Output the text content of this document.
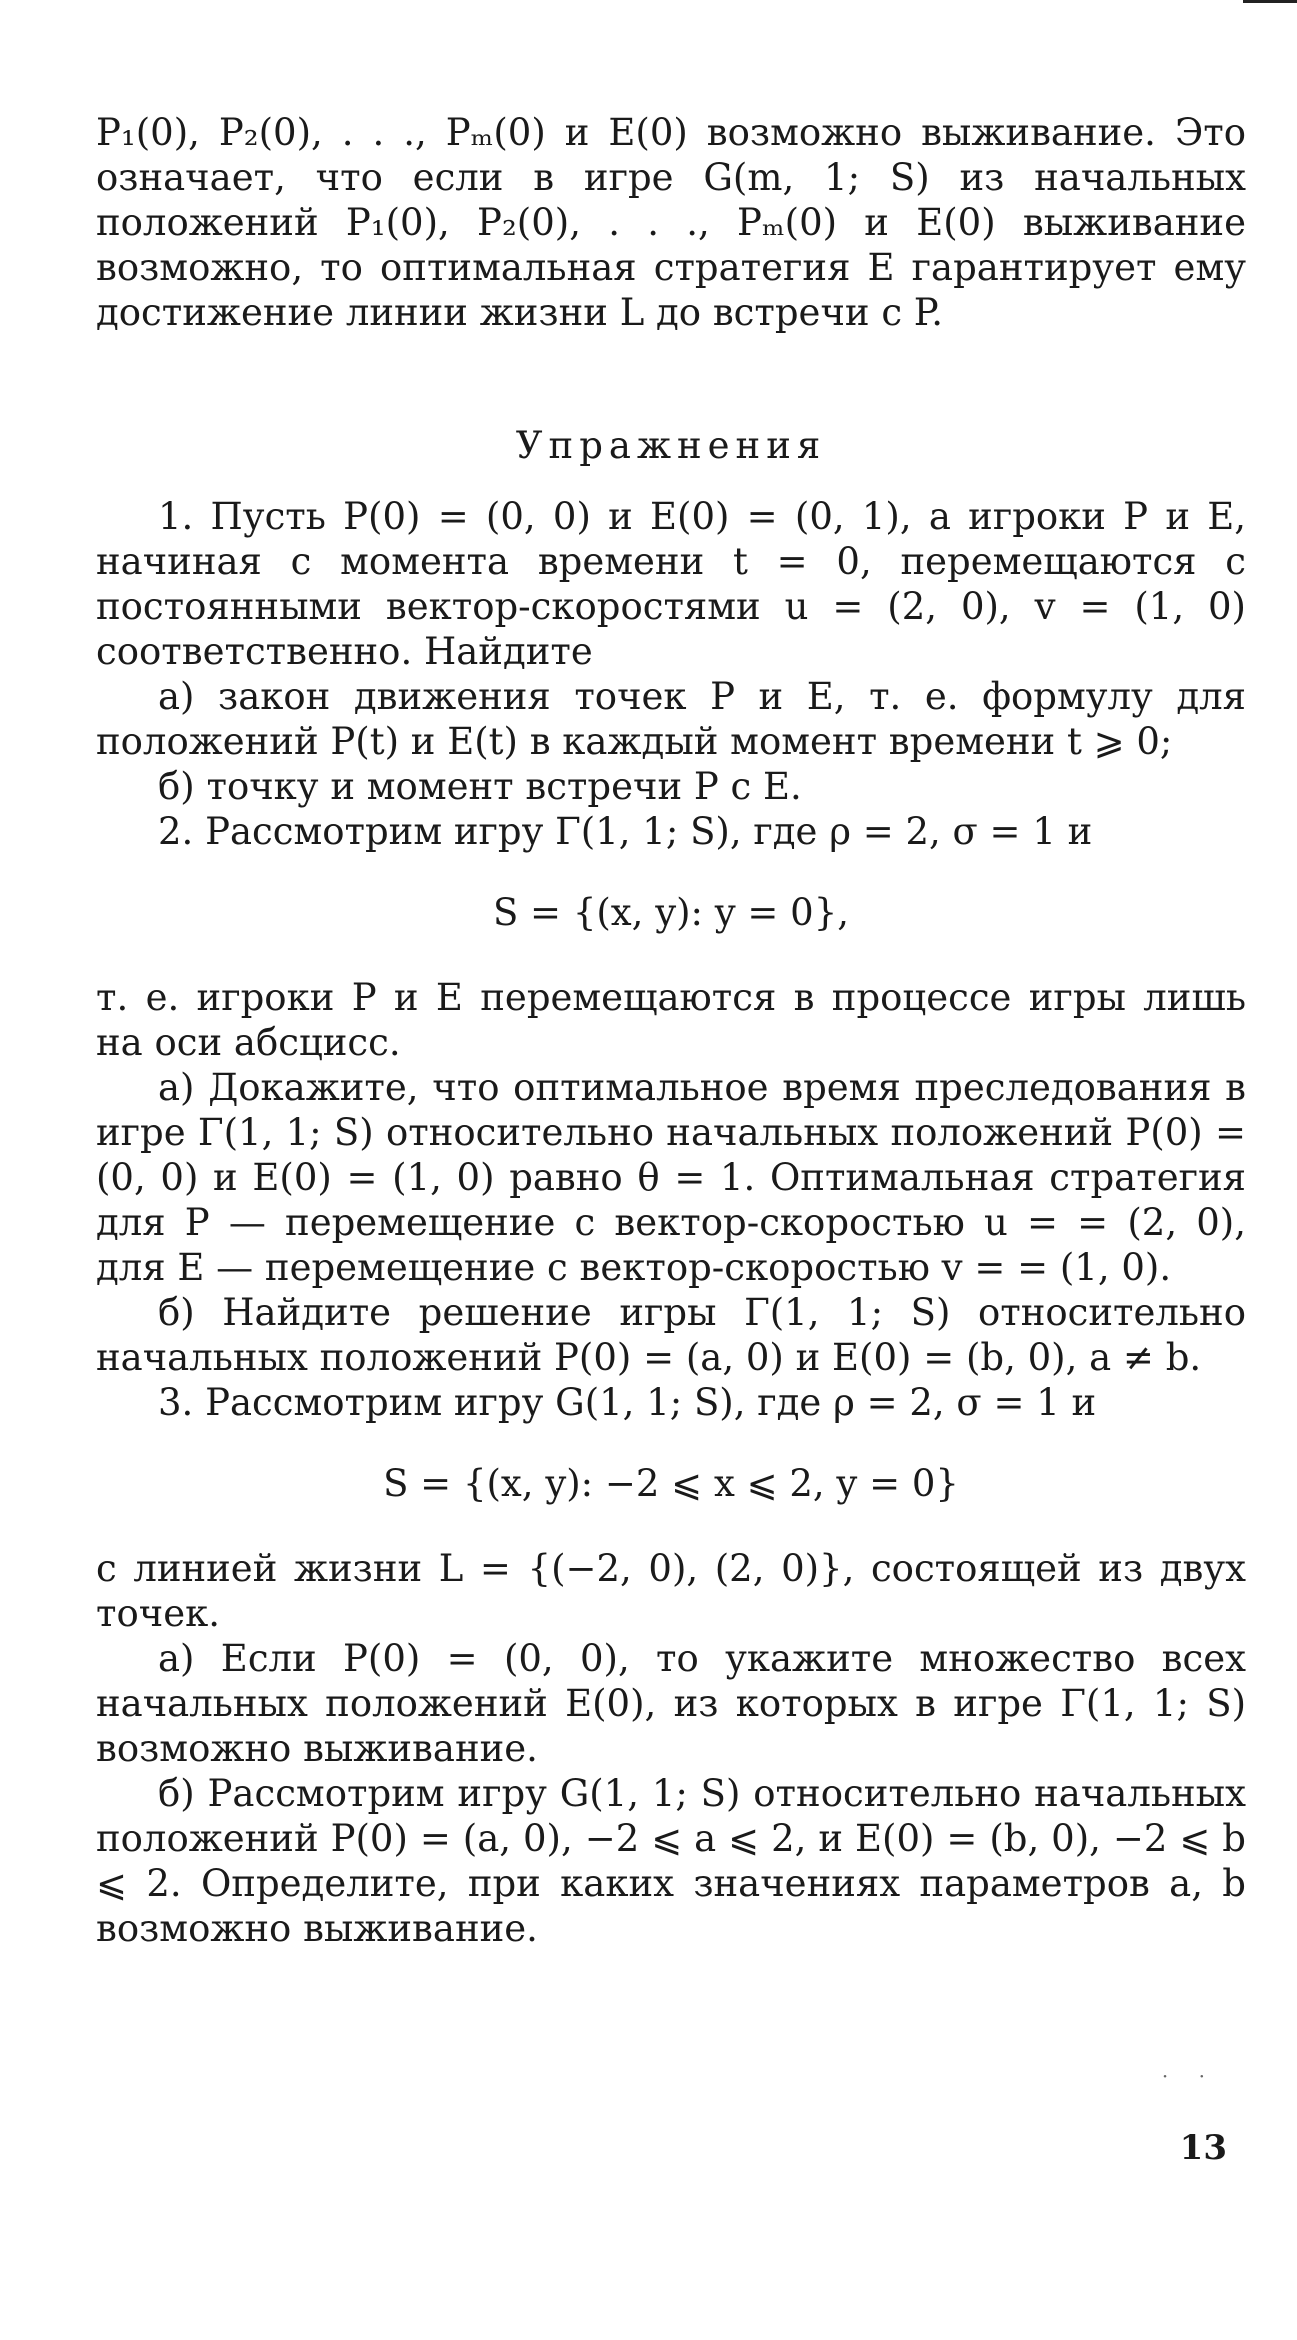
P₁(0), P₂(0), . . ., Pₘ(0) и E(0) возможно выживание. Это означает, что если в игре G(m, 1; S) из начальных положений P₁(0), P₂(0), . . ., Pₘ(0) и E(0) выживание возможно, то оптимальная стратегия E гарантирует ему достижение линии жизни L до встречи с P.

Упражнения

1. Пусть P(0) = (0, 0) и E(0) = (0, 1), а игроки P и E, начиная с момента времени t = 0, перемещаются с постоянными вектор-скоростями u = (2, 0), v = (1, 0) соответственно. Найдите

а) закон движения точек P и E, т. е. формулу для положений P(t) и E(t) в каждый момент времени t ⩾ 0;

б) точку и момент встречи P с E.

2. Рассмотрим игру Γ(1, 1; S), где ρ = 2, σ = 1 и

S = {(x, y): y = 0},

т. е. игроки P и E перемещаются в процессе игры лишь на оси абсцисс.

а) Докажите, что оптимальное время преследования в игре Γ(1, 1; S) относительно начальных положений P(0) = (0, 0) и E(0) = (1, 0) равно θ = 1. Оптимальная стратегия для P — перемещение с вектор-скоростью u = = (2, 0), для E — перемещение с вектор-скоростью v = = (1, 0).

б) Найдите решение игры Γ(1, 1; S) относительно начальных положений P(0) = (a, 0) и E(0) = (b, 0), a ≠ b.

3. Рассмотрим игру G(1, 1; S), где ρ = 2, σ = 1 и

S = {(x, y): −2 ⩽ x ⩽ 2, y = 0}

с линией жизни L = {(−2, 0), (2, 0)}, состоящей из двух точек.

а) Если P(0) = (0, 0), то укажите множество всех начальных положений E(0), из которых в игре Γ(1, 1; S) возможно выживание.

б) Рассмотрим игру G(1, 1; S) относительно начальных положений P(0) = (a, 0), −2 ⩽ a ⩽ 2, и E(0) = (b, 0), −2 ⩽ b ⩽ 2. Определите, при каких значениях параметров a, b возможно выживание.

· ·
13
